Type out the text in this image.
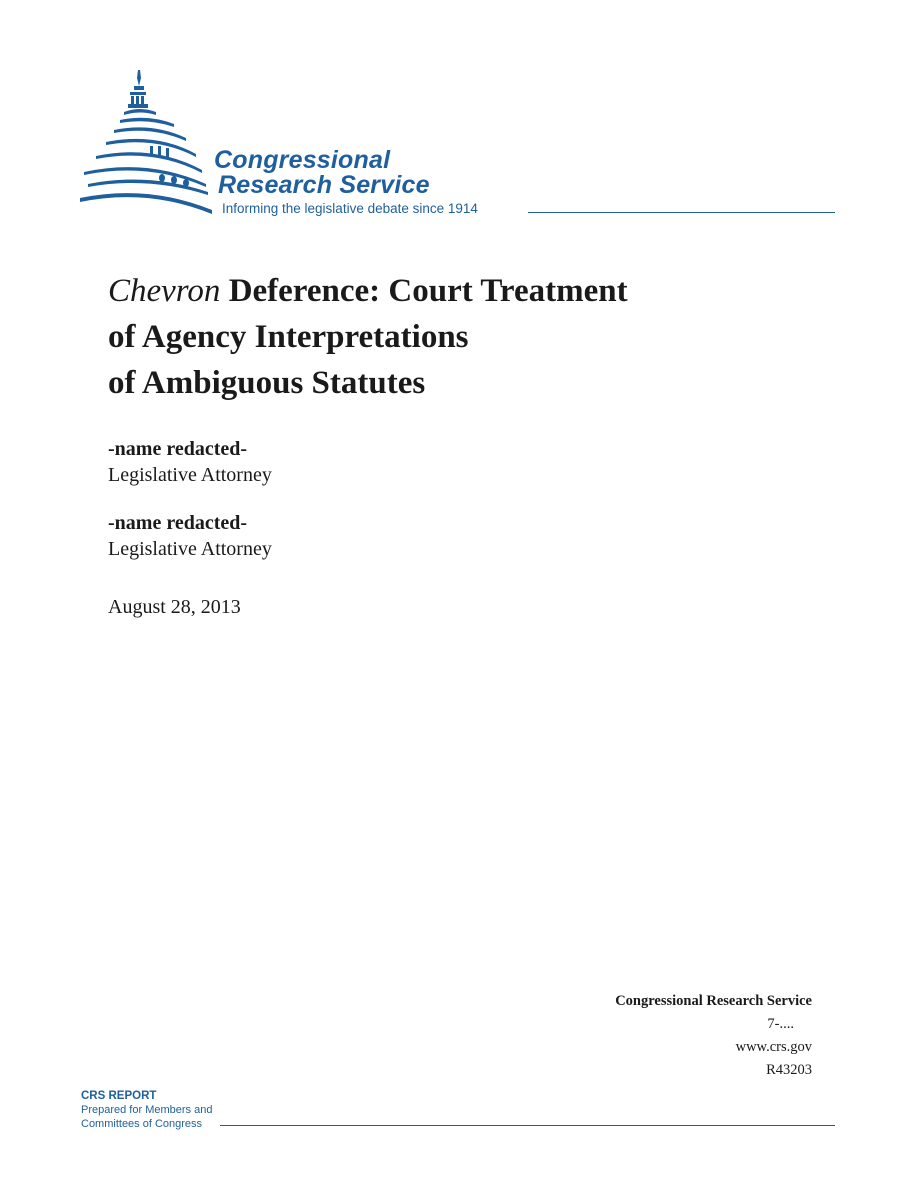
Congressional
Research Service
Informing the legislative debate since 1914
Chevron Deference: Court Treatment
of Agency Interpretations
of Ambiguous Statutes
-name redacted-
Legislative Attorney
-name redacted-
Legislative Attorney
August 28, 2013
Congressional Research Service
7-....
www.crs.gov
R43203
CRS REPORT
Prepared for Members and
Committees of Congress
